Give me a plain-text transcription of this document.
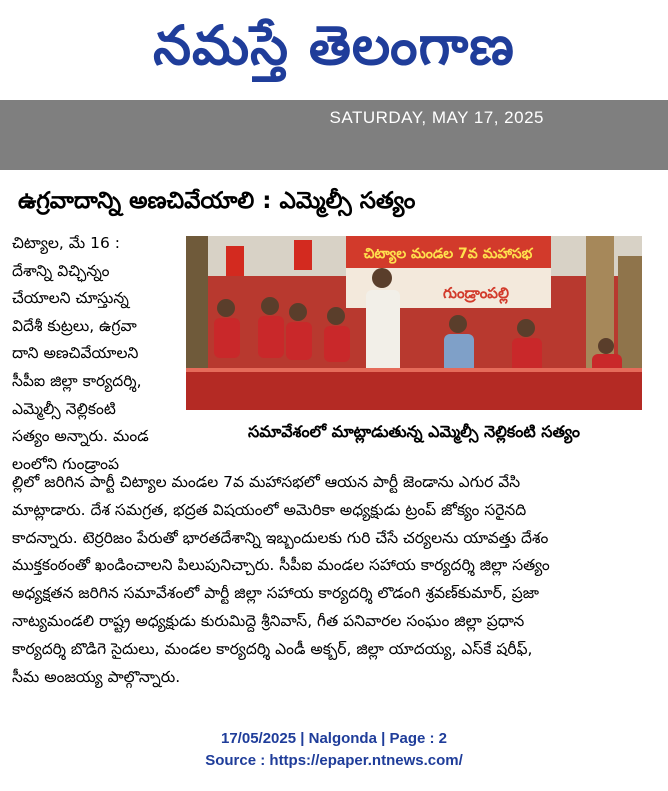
నమస్తే తెలంగాణ
SATURDAY, MAY 17, 2025
ఉగ్రవాదాన్ని అణచివేయాలి : ఎమ్మెల్సీ సత్యం
చిట్యాల, మే 16 :
దేశాన్ని విచ్ఛిన్నం
చేయాలని చూస్తున్న
విదేశీ కుట్రలు, ఉగ్రవా
దాని అణచివేయాలని
సీపీఐ జిల్లా కార్యదర్శి,
ఎమ్మెల్సీ నెల్లికంటి
సత్యం అన్నారు. మండ
లంలోని గుండ్రాంప
చిట్యాల మండల 7వ మహాసభ
గుండ్రాంపల్లి
సమావేశంలో మాట్లాడుతున్న ఎమ్మెల్సీ నెల్లికంటి సత్యం
ల్లిలో జరిగిన పార్టీ చిట్యాల మండల 7వ మహాసభలో ఆయన పార్టీ జెండాను ఎగుర వేసి
మాట్లాడారు. దేశ సమగ్రత, భద్రత విషయంలో అమెరికా అధ్యక్షుడు ట్రంప్ జోక్యం సరైనది
కాదన్నారు. టెర్రరిజం పేరుతో భారతదేశాన్ని ఇబ్బందులకు గురి చేసే చర్యలను యావత్తు దేశం
ముక్తకంఠంతో ఖండించాలని పిలుపునిచ్చారు. సీపీఐ మండల సహాయ కార్యదర్శి జిల్లా సత్యం
అధ్యక్షతన జరిగిన సమావేశంలో పార్టీ జిల్లా సహాయ కార్యదర్శి లొడంగి శ్రవణ్‌కుమార్, ప్రజా
నాట్యమండలి రాష్ట్ర అధ్యక్షుడు కురుమిద్దె శ్రీనివాస్, గీత పనివారల సంఘం జిల్లా ప్రధాన
కార్యదర్శి బొడిగె సైదులు, మండల కార్యదర్శి ఎండీ అక్బర్, జిల్లా యాదయ్య, ఎస్‌కే షరీఫ్,
సీమ అంజయ్య పాల్గొన్నారు.
17/05/2025 | Nalgonda | Page : 2
Source : https://epaper.ntnews.com/
